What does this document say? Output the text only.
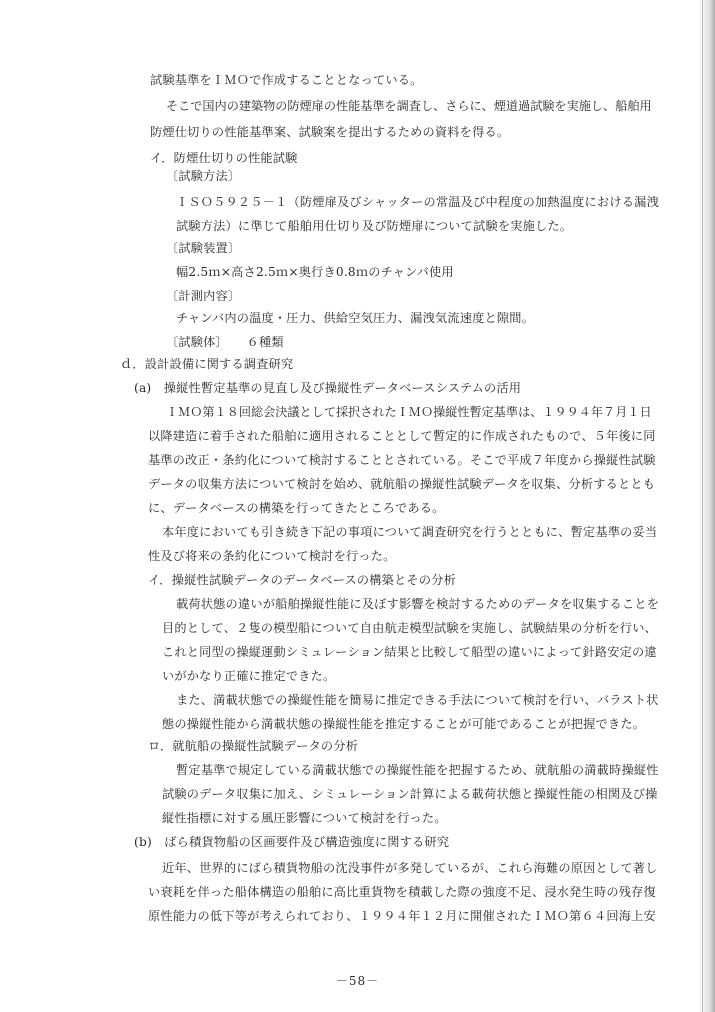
試験基準をＩＭＯで作成することとなっている。
そこで国内の建築物の防煙扉の性能基準を調査し、さらに、煙道過試験を実施し、船舶用
防煙仕切りの性能基準案、試験案を提出するための資料を得る。
イ．防煙仕切りの性能試験
〔試験方法〕
ＩＳＯ５９２５－１（防煙扉及びシャッターの常温及び中程度の加熱温度における漏洩
試験方法）に準じて船舶用仕切り及び防煙扉について試験を実施した。
〔試験装置〕
幅2.5ｍ×高さ2.5ｍ×奥行き0.8ｍのチャンバ使用
〔計測内容〕
チャンバ内の温度・圧力、供給空気圧力、漏洩気流速度と隙間。
〔試験体〕　　６種類
ｄ．設計設備に関する調査研究
(a)　操縦性暫定基準の見直し及び操縦性データベースシステムの活用
ＩＭＯ第１８回総会決議として採択されたＩＭＯ操縦性暫定基準は、１９９４年７月１日
以降建造に着手された船舶に適用されることとして暫定的に作成されたもので、５年後に同
基準の改正・条約化について検討することとされている。そこで平成７年度から操縦性試験
データの収集方法について検討を始め、就航船の操縦性試験データを収集、分析するととも
に、データベースの構築を行ってきたところである。
本年度においても引き続き下記の事項について調査研究を行うとともに、暫定基準の妥当
性及び将来の条約化について検討を行った。
イ．操縦性試験データのデータベースの構築とその分析
載荷状態の違いが船舶操縦性能に及ぼす影響を検討するためのデータを収集することを
目的として、２隻の模型船について自由航走模型試験を実施し、試験結果の分析を行い、
これと同型の操縦運動シミュレーション結果と比較して船型の違いによって針路安定の違
いがかなり正確に推定できた。
また、満載状態での操縦性能を簡易に推定できる手法について検討を行い、バラスト状
態の操縦性能から満載状態の操縦性能を推定することが可能であることが把握できた。
ロ．就航船の操縦性試験データの分析
暫定基準で規定している満載状態での操縦性能を把握するため、就航船の満載時操縦性
試験のデータ収集に加え、シミュレーション計算による載荷状態と操縦性能の相関及び操
縦性指標に対する風圧影響について検討を行った。
(b)　ばら積貨物船の区画要件及び構造強度に関する研究
近年、世界的にばら積貨物船の沈没事件が多発しているが、これら海難の原因として著し
い衰耗を伴った船体構造の船舶に高比重貨物を積載した際の強度不足、浸水発生時の残存復
原性能力の低下等が考えられており、１９９４年１２月に開催されたＩＭＯ第６４回海上安
－58－
